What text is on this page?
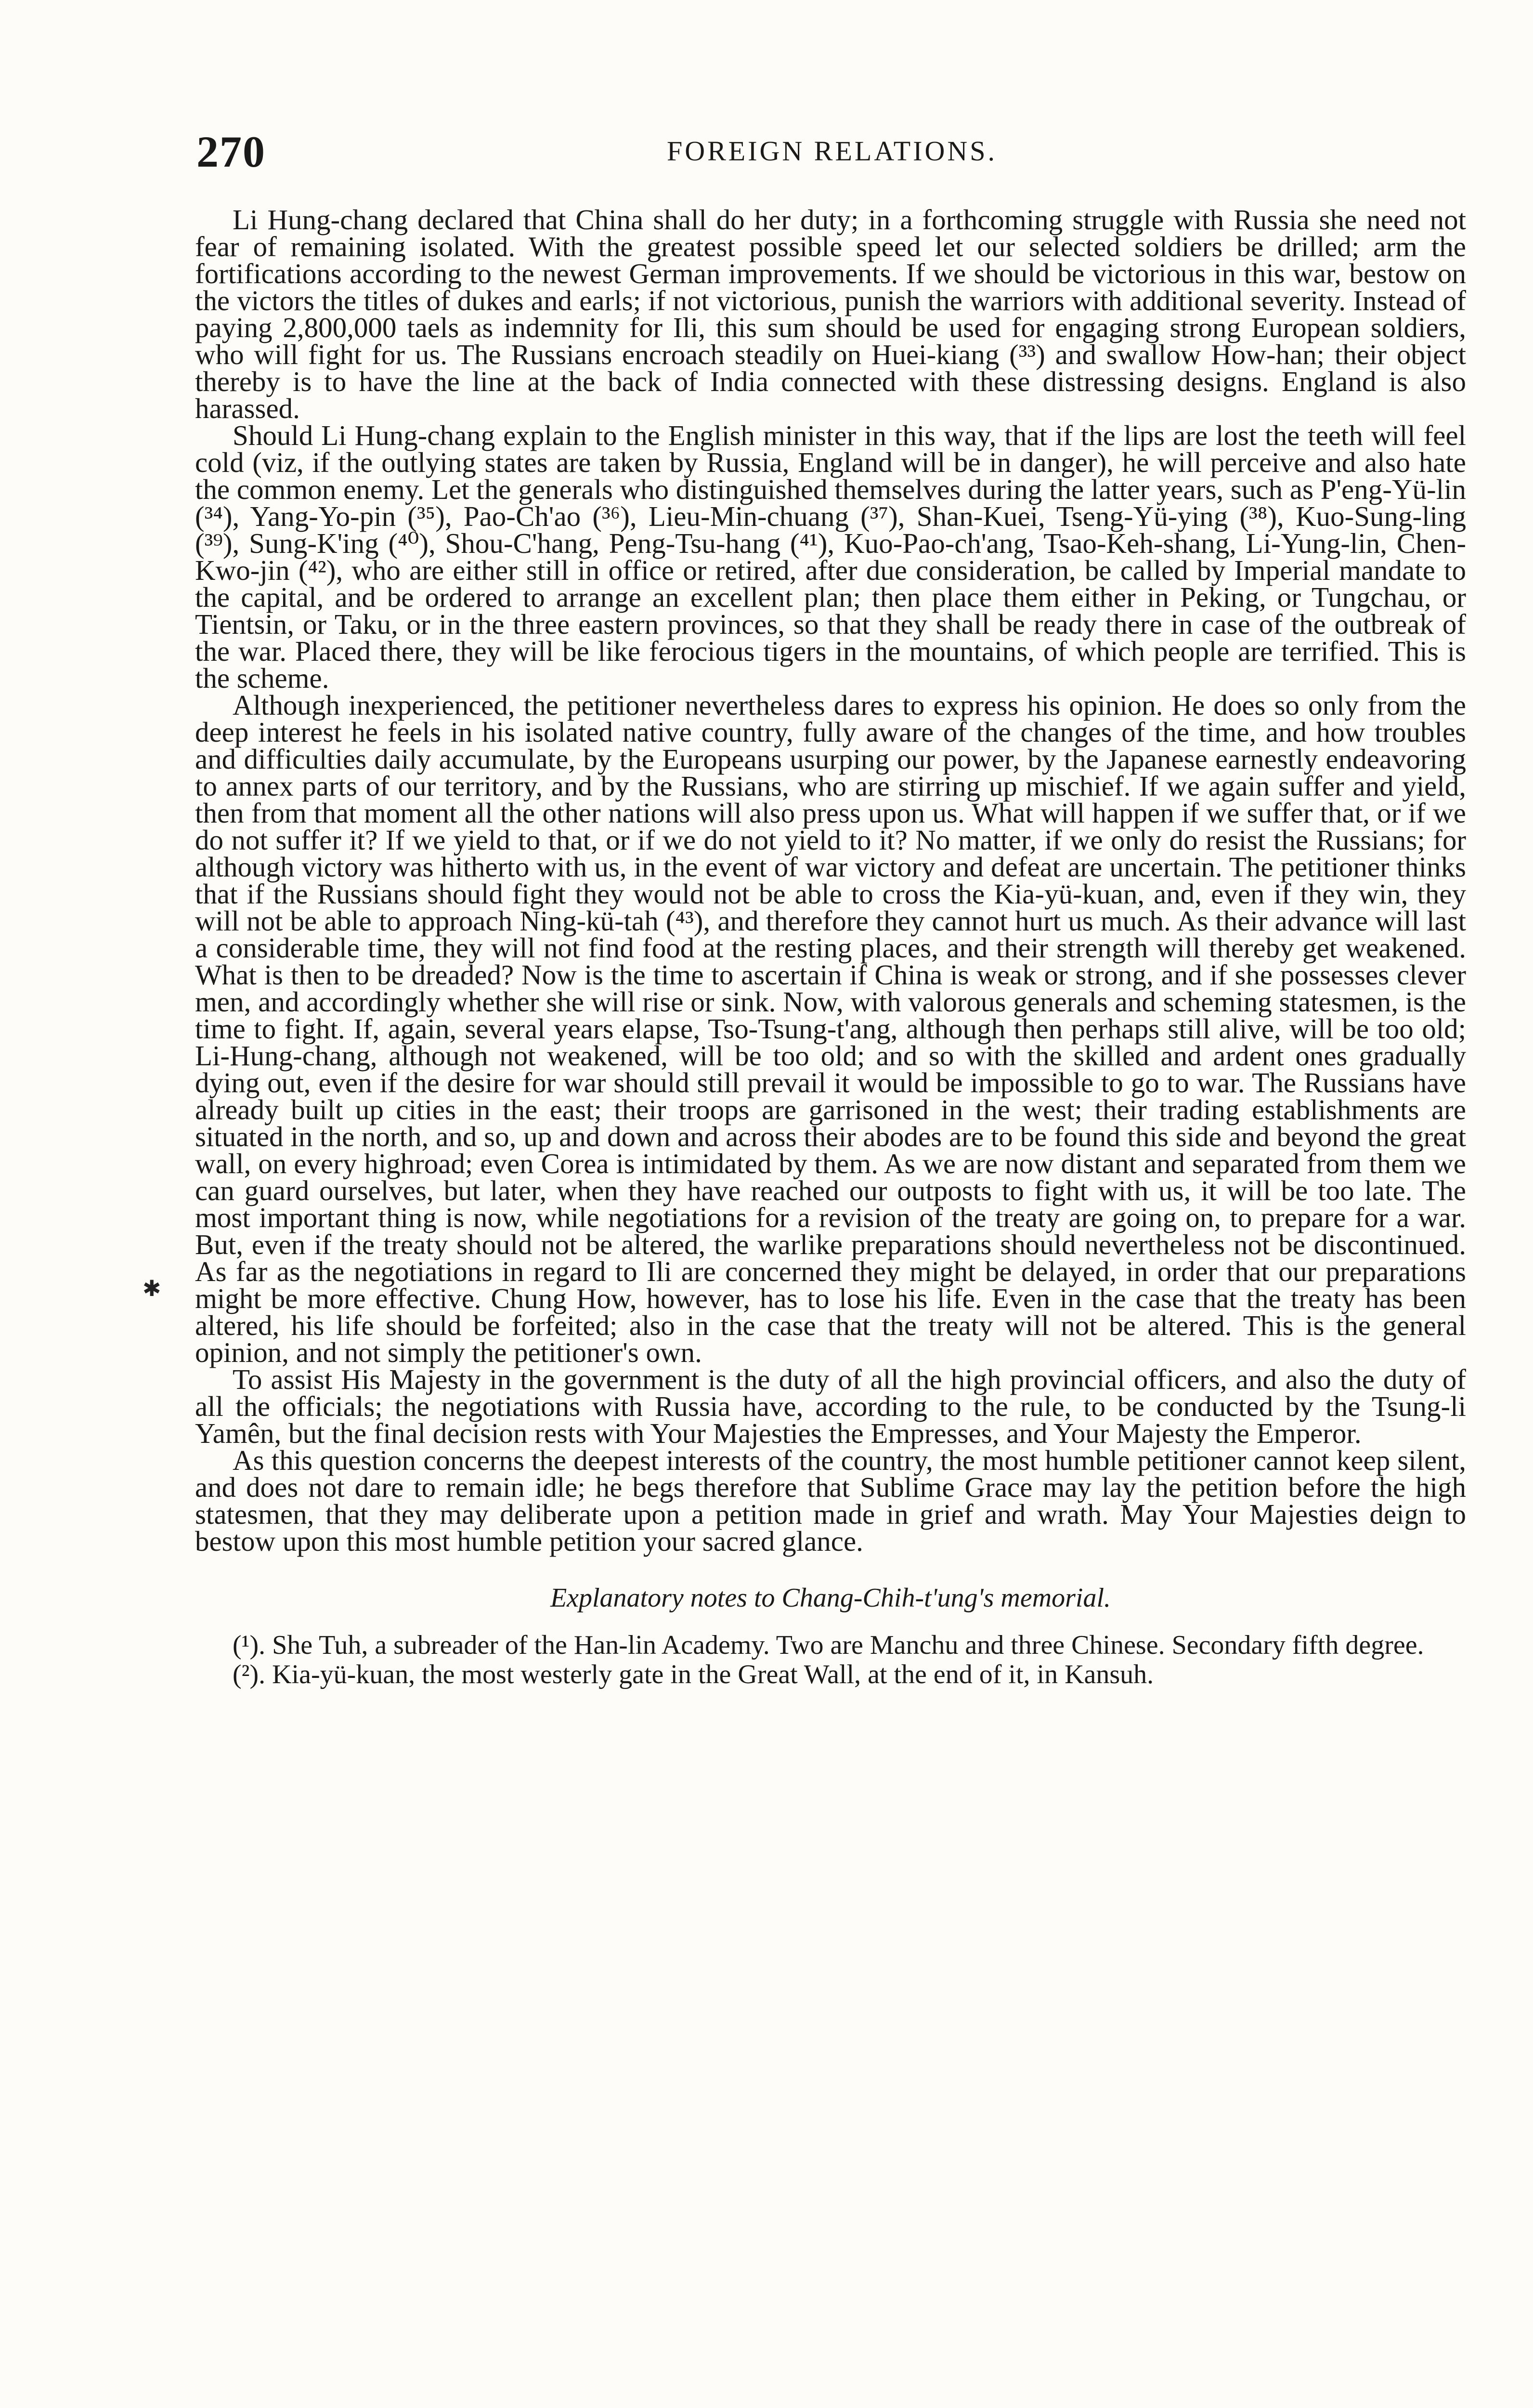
270	FOREIGN RELATIONS.
✱

Li Hung-chang declared that China shall do her duty; in a forthcoming struggle with Russia she need not fear of remaining isolated. With the greatest possible speed let our selected soldiers be drilled; arm the fortifications according to the newest German improvements. If we should be victorious in this war, bestow on the victors the titles of dukes and earls; if not victorious, punish the warriors with additional severity. Instead of paying 2,800,000 taels as indemnity for Ili, this sum should be used for engaging strong European soldiers, who will fight for us. The Russians encroach steadily on Huei-kiang (³³) and swallow How-han; their object thereby is to have the line at the back of India connected with these distressing designs. England is also harassed.

Should Li Hung-chang explain to the English minister in this way, that if the lips are lost the teeth will feel cold (viz, if the outlying states are taken by Russia, England will be in danger), he will perceive and also hate the common enemy. Let the generals who distinguished themselves during the latter years, such as P'eng-Yü-lin (³⁴), Yang-Yo-pin (³⁵), Pao-Ch'ao (³⁶), Lieu-Min-chuang (³⁷), Shan-Kuei, Tseng-Yü-ying (³⁸), Kuo-Sung-ling (³⁹), Sung-K'ing (⁴⁰), Shou-C'hang, Peng-Tsu-hang (⁴¹), Kuo-Pao-ch'ang, Tsao-Keh-shang, Li-Yung-lin, Chen-Kwo-jin (⁴²), who are either still in office or retired, after due consideration, be called by Imperial mandate to the capital, and be ordered to arrange an excellent plan; then place them either in Peking, or Tungchau, or Tientsin, or Taku, or in the three eastern provinces, so that they shall be ready there in case of the outbreak of the war. Placed there, they will be like ferocious tigers in the mountains, of which people are terrified. This is the scheme.

Although inexperienced, the petitioner nevertheless dares to express his opinion. He does so only from the deep interest he feels in his isolated native country, fully aware of the changes of the time, and how troubles and difficulties daily accumulate, by the Europeans usurping our power, by the Japanese earnestly endeavoring to annex parts of our territory, and by the Russians, who are stirring up mischief. If we again suffer and yield, then from that moment all the other nations will also press upon us. What will happen if we suffer that, or if we do not suffer it? If we yield to that, or if we do not yield to it? No matter, if we only do resist the Russians; for although victory was hitherto with us, in the event of war victory and defeat are uncertain. The petitioner thinks that if the Russians should fight they would not be able to cross the Kia-yü-kuan, and, even if they win, they will not be able to approach Ning-kü-tah (⁴³), and therefore they cannot hurt us much. As their advance will last a considerable time, they will not find food at the resting places, and their strength will thereby get weakened. What is then to be dreaded? Now is the time to ascertain if China is weak or strong, and if she possesses clever men, and accordingly whether she will rise or sink. Now, with valorous generals and scheming statesmen, is the time to fight. If, again, several years elapse, Tso-Tsung-t'ang, although then perhaps still alive, will be too old; Li-Hung-chang, although not weakened, will be too old; and so with the skilled and ardent ones gradually dying out, even if the desire for war should still prevail it would be impossible to go to war. The Russians have already built up cities in the east; their troops are garrisoned in the west; their trading establishments are situated in the north, and so, up and down and across their abodes are to be found this side and beyond the great wall, on every highroad; even Corea is intimidated by them. As we are now distant and separated from them we can guard ourselves, but later, when they have reached our outposts to fight with us, it will be too late. The most important thing is now, while negotiations for a revision of the treaty are going on, to prepare for a war. But, even if the treaty should not be altered, the warlike preparations should nevertheless not be discontinued. As far as the negotiations in regard to Ili are concerned they might be delayed, in order that our preparations might be more effective. Chung How, however, has to lose his life. Even in the case that the treaty has been altered, his life should be forfeited; also in the case that the treaty will not be altered. This is the general opinion, and not simply the petitioner's own.

To assist His Majesty in the government is the duty of all the high provincial officers, and also the duty of all the officials; the negotiations with Russia have, according to the rule, to be conducted by the Tsung-li Yamên, but the final decision rests with Your Majesties the Empresses, and Your Majesty the Emperor.

As this question concerns the deepest interests of the country, the most humble petitioner cannot keep silent, and does not dare to remain idle; he begs therefore that Sublime Grace may lay the petition before the high statesmen, that they may deliberate upon a petition made in grief and wrath. May Your Majesties deign to bestow upon this most humble petition your sacred glance.

Explanatory notes to Chang-Chih-t'ung's memorial.

(¹). She Tuh, a subreader of the Han-lin Academy. Two are Manchu and three Chinese. Secondary fifth degree.

(²). Kia-yü-kuan, the most westerly gate in the Great Wall, at the end of it, in Kansuh.
